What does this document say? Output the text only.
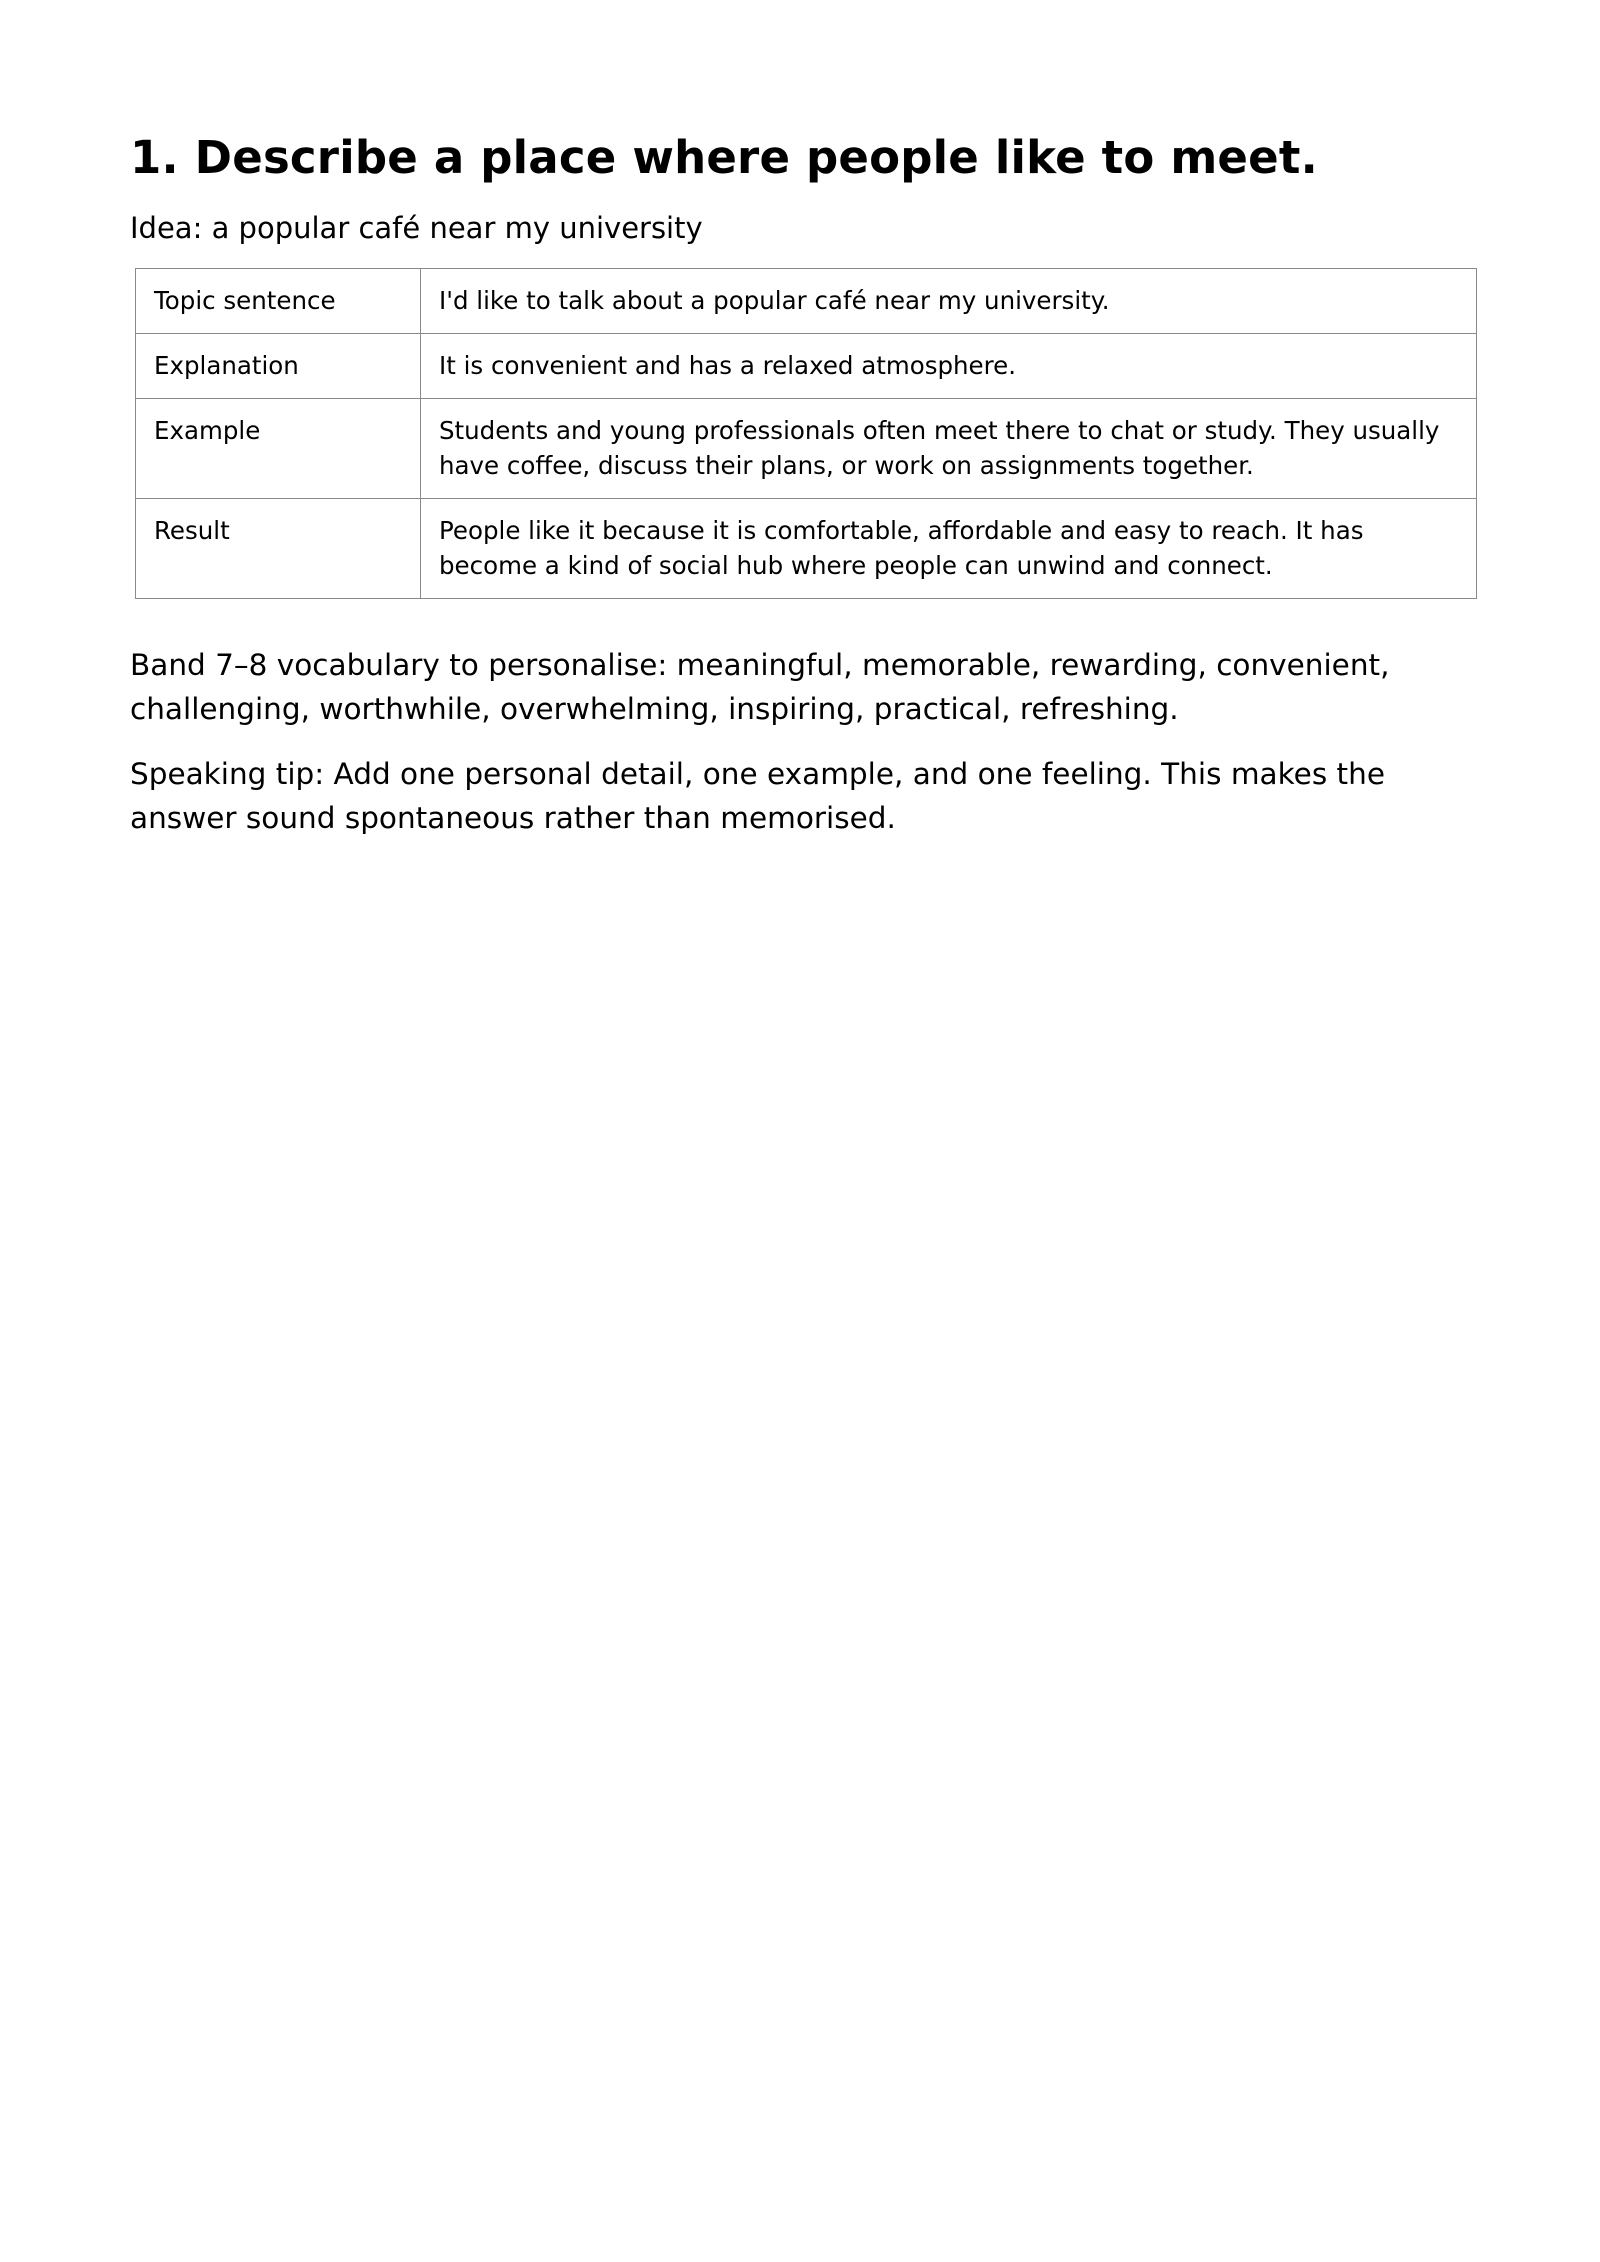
1. Describe a place where people like to meet.

Idea: a popular café near my university

Topic sentence	I'd like to talk about a popular café near my university.
Explanation	It is convenient and has a relaxed atmosphere.
Example	Students and young professionals often meet there to chat or study. They usually have coffee, discuss their plans, or work on assignments together.
Result	People like it because it is comfortable, affordable and easy to reach. It has become a kind of social hub where people can unwind and connect.

Band 7–8 vocabulary to personalise: meaningful, memorable, rewarding, convenient, challenging, worthwhile, overwhelming, inspiring, practical, refreshing.

Speaking tip: Add one personal detail, one example, and one feeling. This makes the answer sound spontaneous rather than memorised.
